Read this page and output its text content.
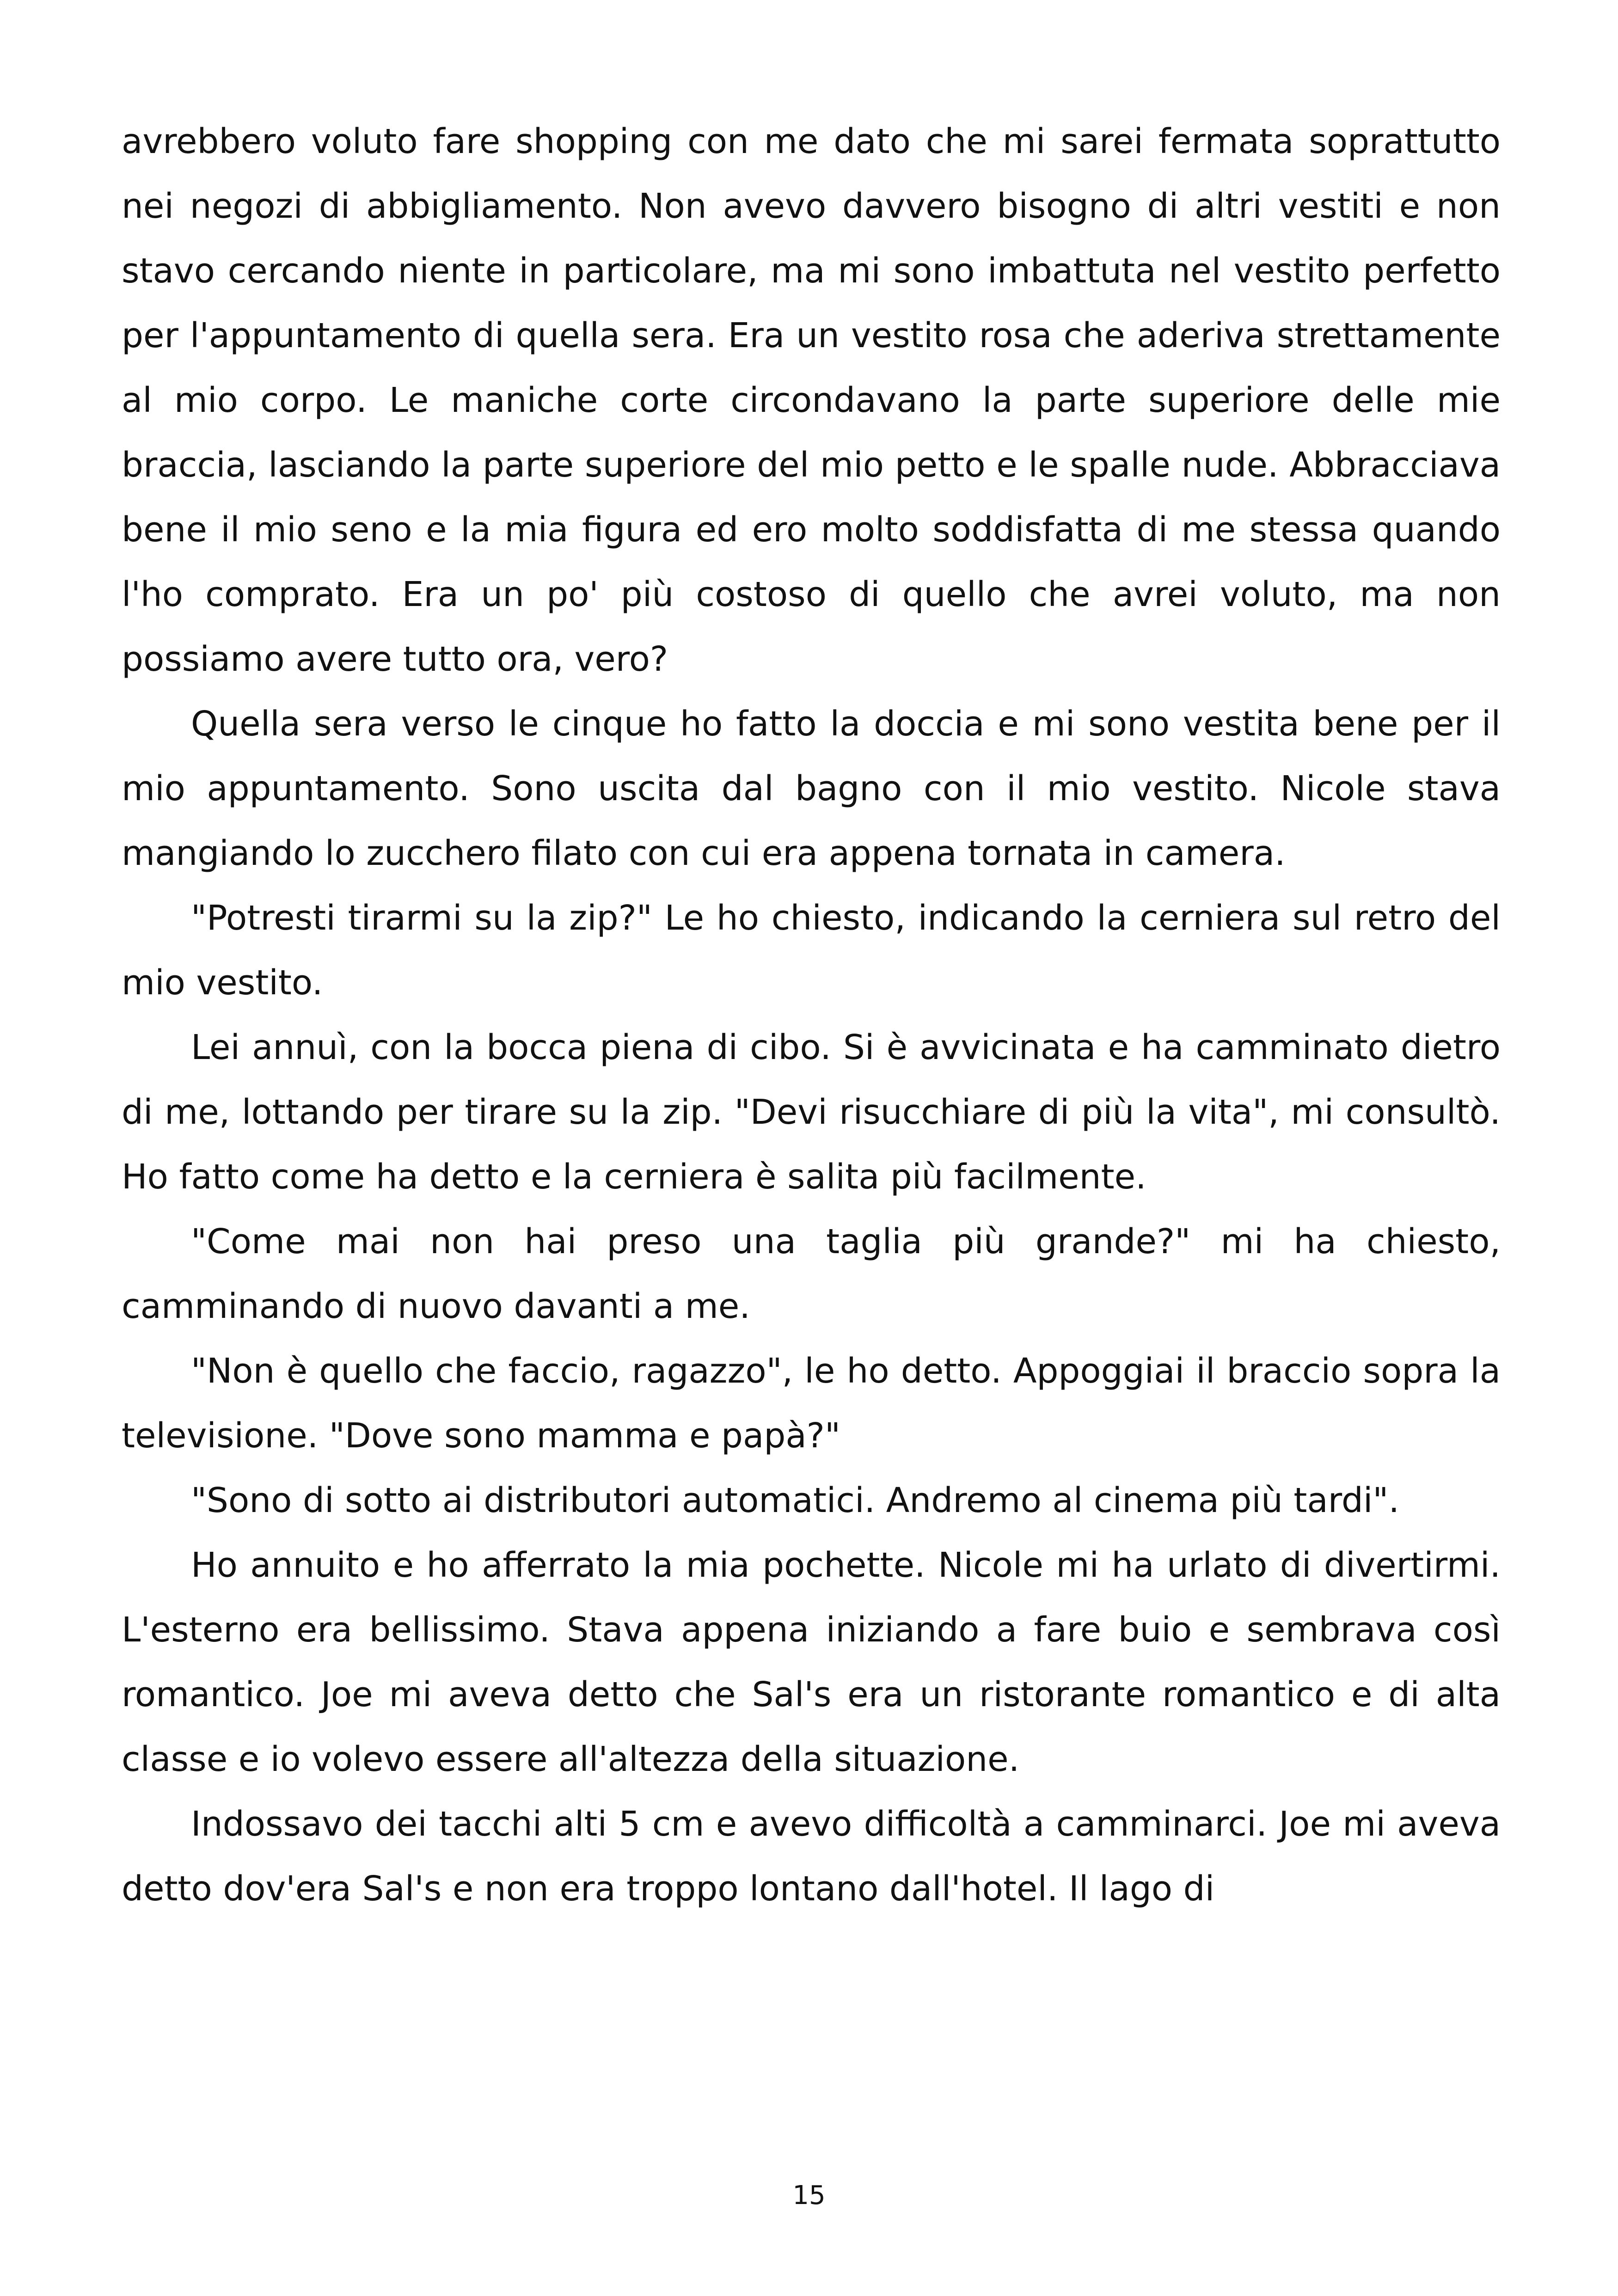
avrebbero voluto fare shopping con me dato che mi sarei fermata soprattutto nei negozi di abbigliamento. Non avevo davvero bisogno di altri vestiti e non stavo cercando niente in particolare, ma mi sono imbattuta nel vestito perfetto per l'appuntamento di quella sera. Era un vestito rosa che aderiva strettamente al mio corpo. Le maniche corte circondavano la parte superiore delle mie braccia, lasciando la parte superiore del mio petto e le spalle nude. Abbracciava bene il mio seno e la mia figura ed ero molto soddisfatta di me stessa quando l'ho comprato. Era un po' più costoso di quello che avrei voluto, ma non possiamo avere tutto ora, vero?

Quella sera verso le cinque ho fatto la doccia e mi sono vestita bene per il mio appuntamento. Sono uscita dal bagno con il mio vestito. Nicole stava mangiando lo zucchero filato con cui era appena tornata in camera.

"Potresti tirarmi su la zip?" Le ho chiesto, indicando la cerniera sul retro del mio vestito.

Lei annuì, con la bocca piena di cibo. Si è avvicinata e ha camminato dietro di me, lottando per tirare su la zip. "Devi risucchiare di più la vita", mi consultò. Ho fatto come ha detto e la cerniera è salita più facilmente.

"Come mai non hai preso una taglia più grande?" mi ha chiesto, camminando di nuovo davanti a me.

"Non è quello che faccio, ragazzo", le ho detto. Appoggiai il braccio sopra la televisione. "Dove sono mamma e papà?"

"Sono di sotto ai distributori automatici. Andremo al cinema più tardi".

Ho annuito e ho afferrato la mia pochette. Nicole mi ha urlato di divertirmi. L'esterno era bellissimo. Stava appena iniziando a fare buio e sembrava così romantico. Joe mi aveva detto che Sal's era un ristorante romantico e di alta classe e io volevo essere all'altezza della situazione.

Indossavo dei tacchi alti 5 cm e avevo difficoltà a camminarci. Joe mi aveva detto dov'era Sal's e non era troppo lontano dall'hotel. Il lago di

15
